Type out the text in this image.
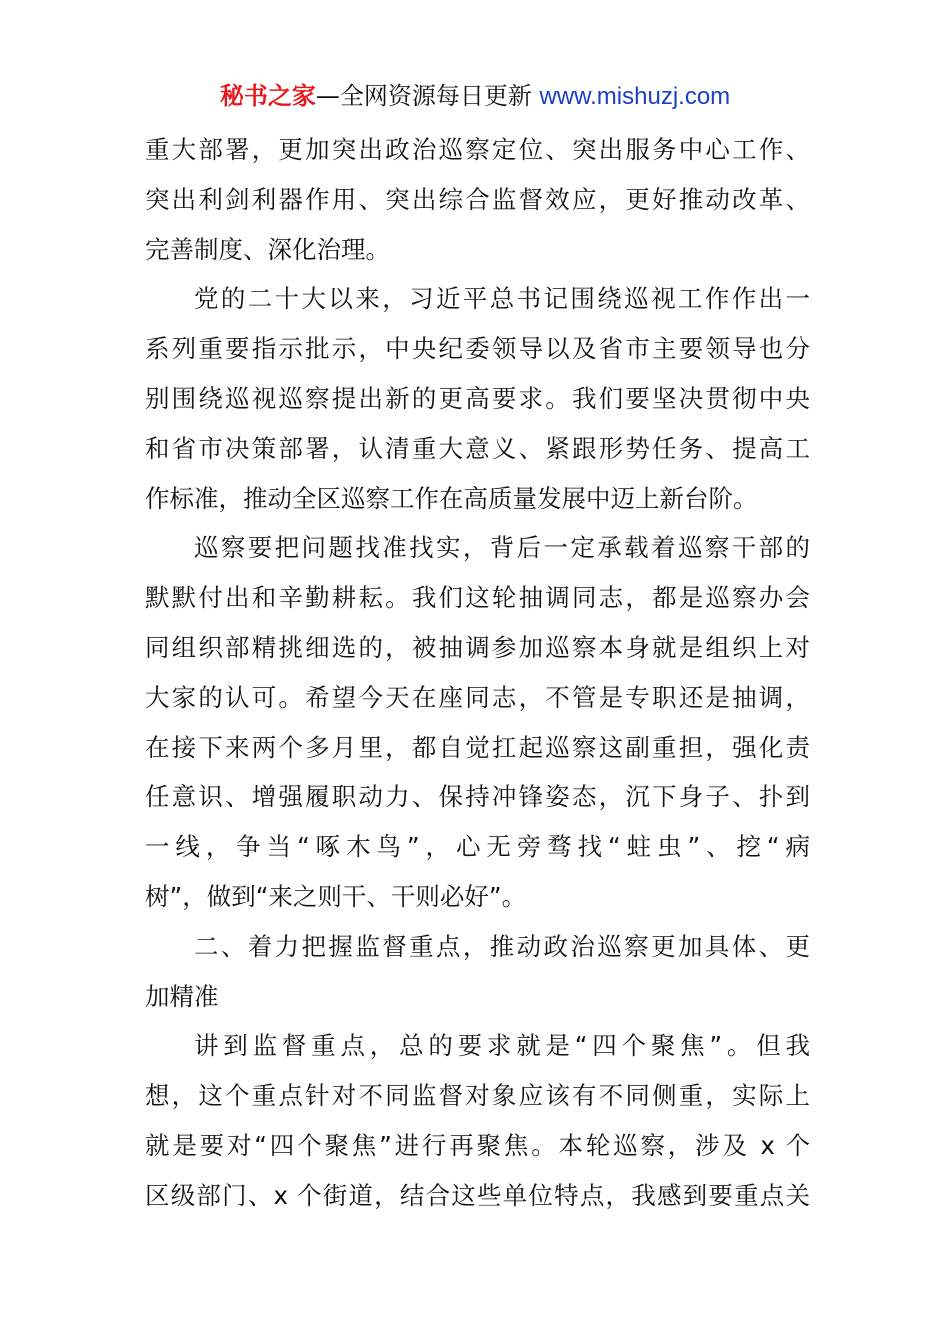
秘书之家—全网资源每日更新 www.mishuzj.com
重大部署，更加突出政治巡察定位、突出服务中心工作、
突出利剑利器作用、突出综合监督效应，更好推动改革、
完善制度、深化治理。
党的二十大以来，习近平总书记围绕巡视工作作出一
系列重要指示批示，中央纪委领导以及省市主要领导也分
别围绕巡视巡察提出新的更高要求。我们要坚决贯彻中央
和省市决策部署，认清重大意义、紧跟形势任务、提高工
作标准，推动全区巡察工作在高质量发展中迈上新台阶。
巡察要把问题找准找实，背后一定承载着巡察干部的
默默付出和辛勤耕耘。我们这轮抽调同志，都是巡察办会
同组织部精挑细选的，被抽调参加巡察本身就是组织上对
大家的认可。希望今天在座同志，不管是专职还是抽调，
在接下来两个多月里，都自觉扛起巡察这副重担，强化责
任意识、增强履职动力、保持冲锋姿态，沉下身子、扑到
一线，争当“啄木鸟”，心无旁骛找“蛀虫”、挖“病
树”，做到“来之则干、干则必好”。
二、着力把握监督重点，推动政治巡察更加具体、更
加精准
讲到监督重点，总的要求就是“四个聚焦”。但我
想，这个重点针对不同监督对象应该有不同侧重，实际上
就是要对“四个聚焦”进行再聚焦。本轮巡察，涉及 x 个
区级部门、x 个街道，结合这些单位特点，我感到要重点关
